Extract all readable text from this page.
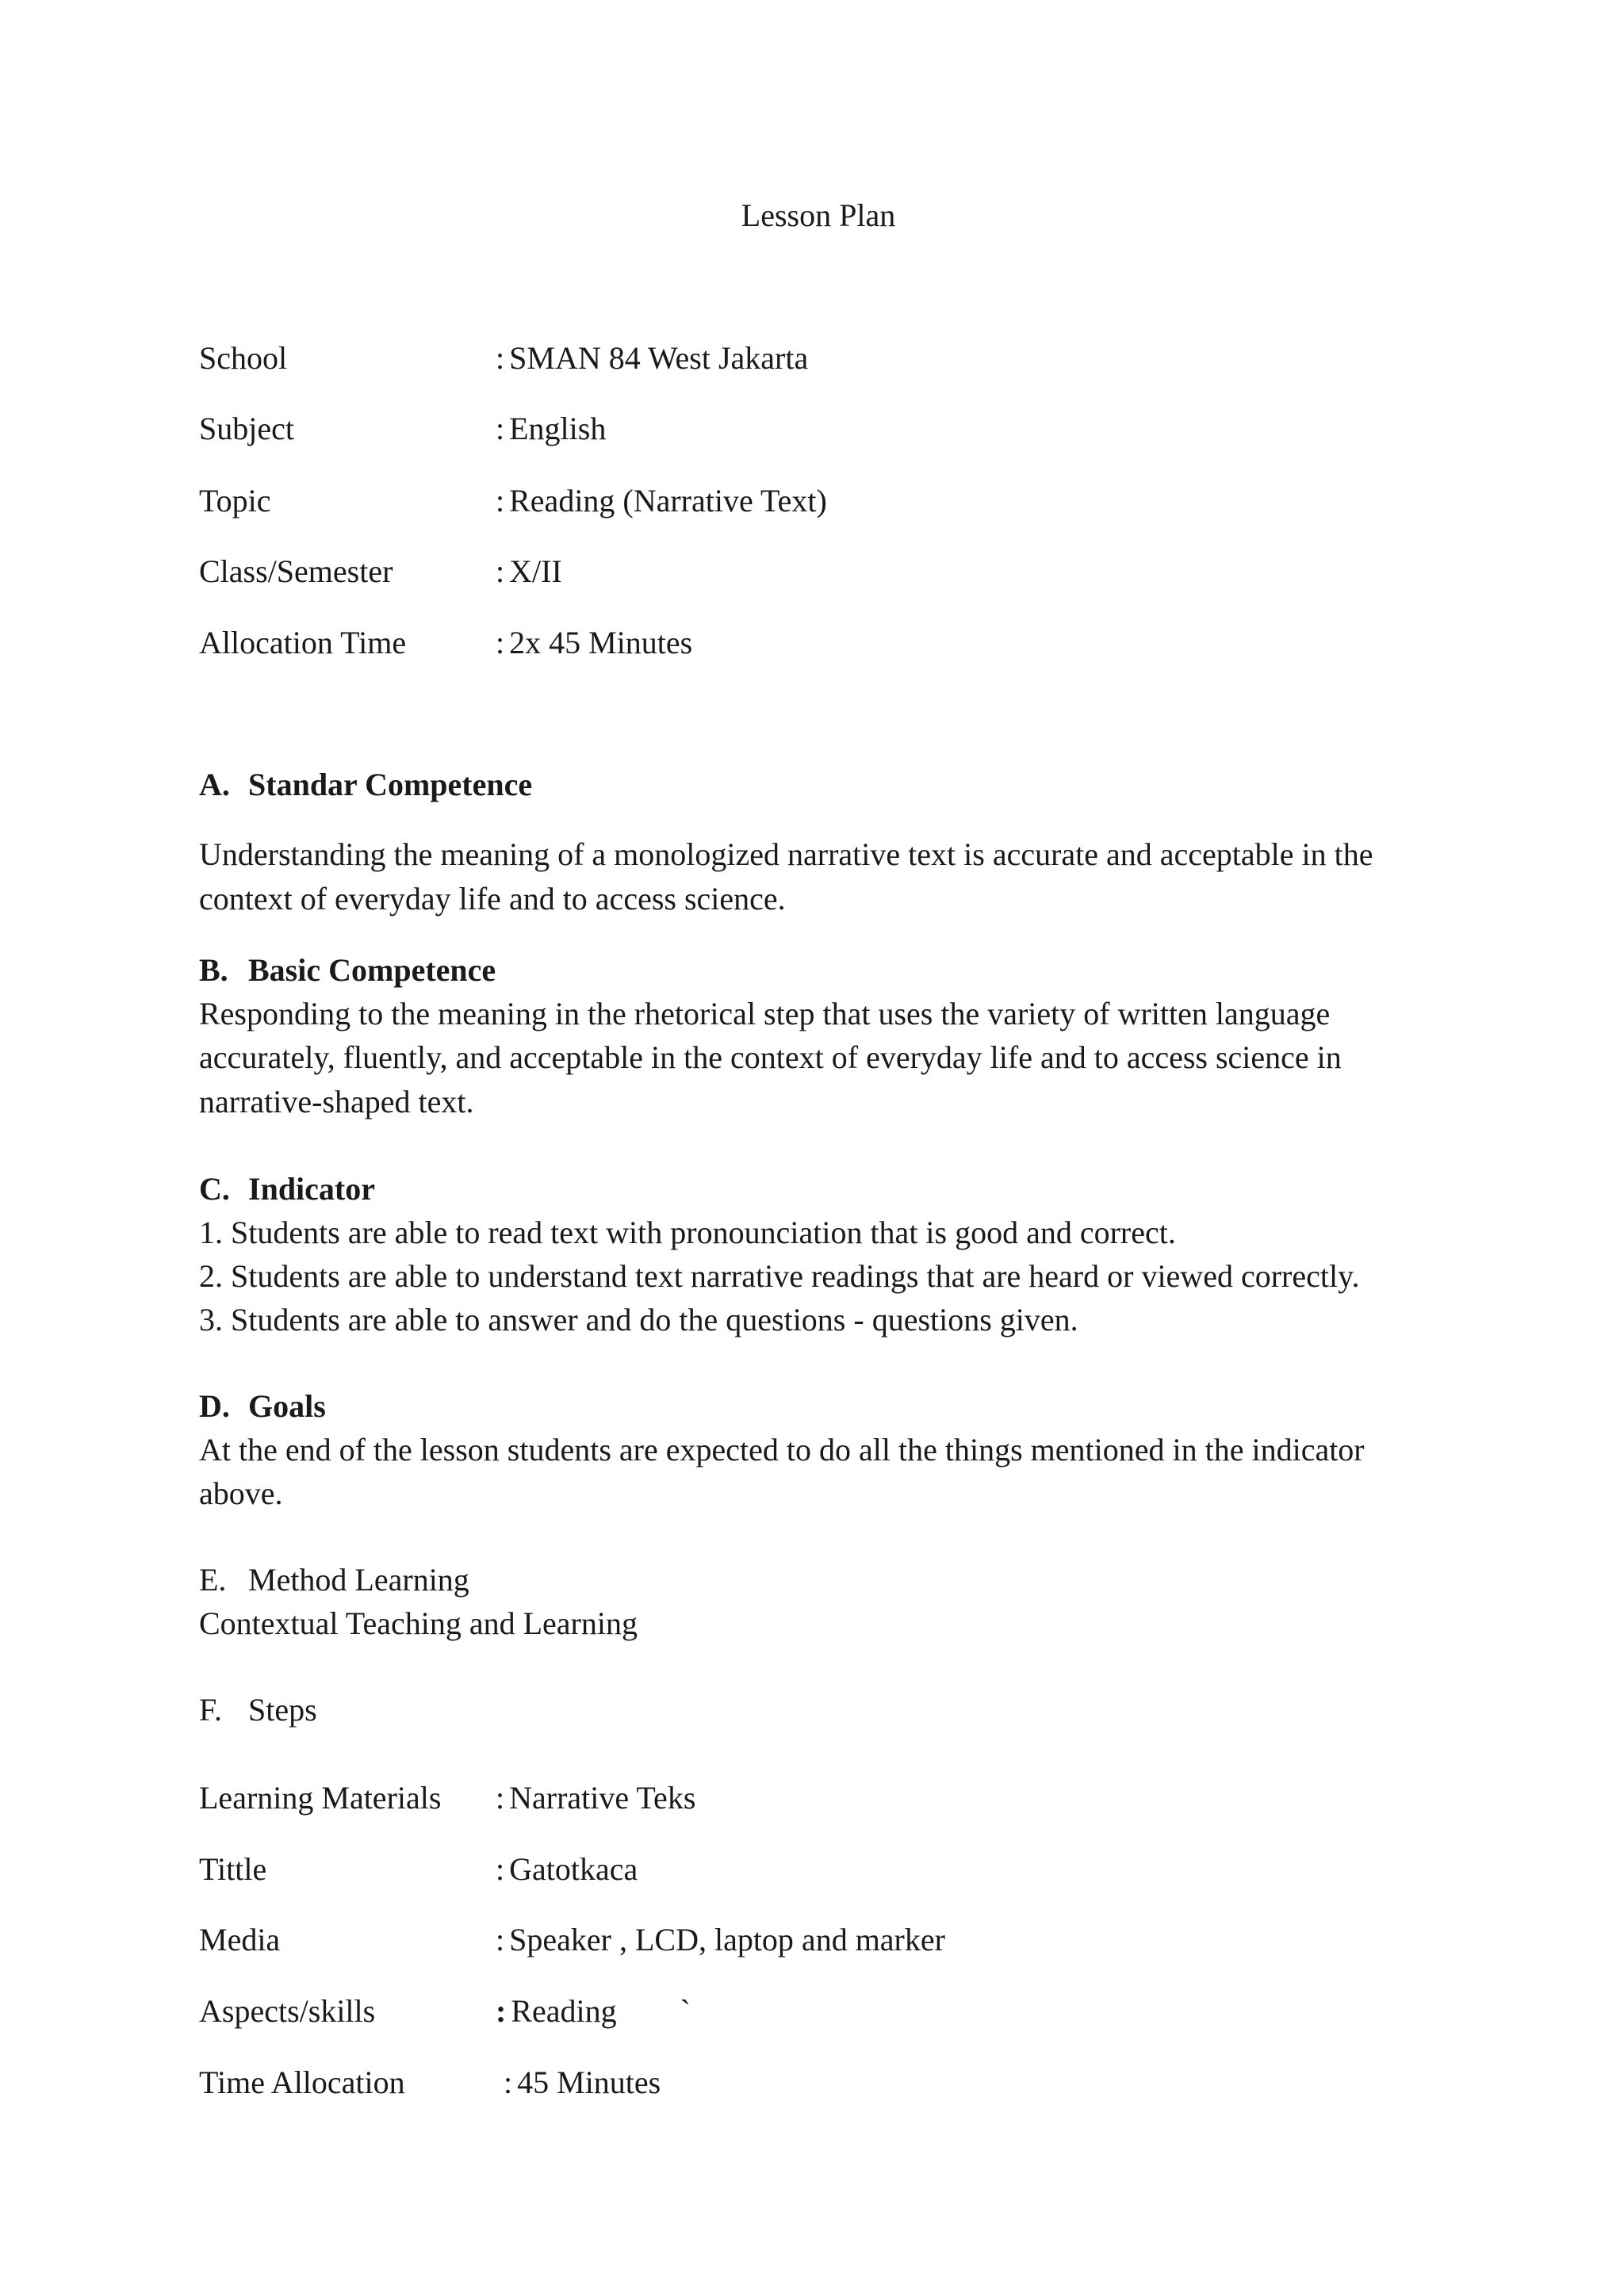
Lesson Plan
School	: SMAN 84 West Jakarta
Subject	: English
Topic	: Reading (Narrative Text)
Class/Semester	: X/II
Allocation Time	: 2x 45 Minutes
A. Standar Competence
Understanding the meaning of a monologized narrative text is accurate and acceptable in the
context of everyday life and to access science.
B. Basic Competence
Responding to the meaning in the rhetorical step that uses the variety of written language
accurately, fluently, and acceptable in the context of everyday life and to access science in
narrative-shaped text.
C. Indicator
1. Students are able to read text with pronounciation that is good and correct.
2. Students are able to understand text narrative readings that are heard or viewed correctly.
3. Students are able to answer and do the questions - questions given.
D. Goals
At the end of the lesson students are expected to do all the things mentioned in the indicator
above.
E. Method Learning
Contextual Teaching and Learning
F. Steps
Learning Materials : Narrative Teks
Tittle	: Gatotkaca
Media	: Speaker , LCD, laptop and marker
Aspects/skills	: Reading        `
Time Allocation	: 45 Minutes
